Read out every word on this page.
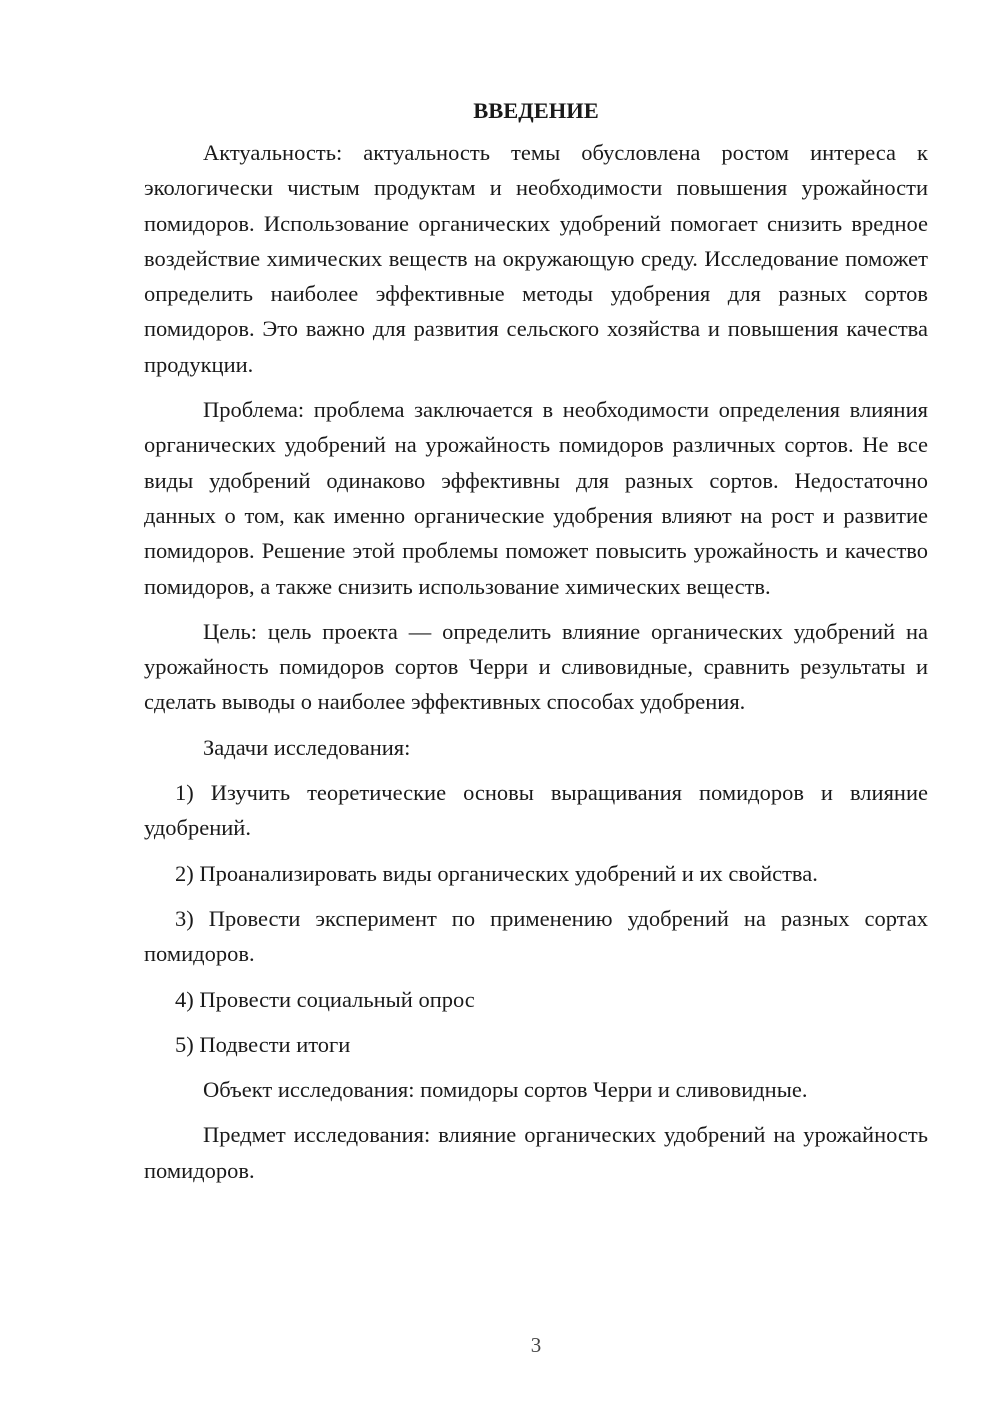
ВВЕДЕНИЕ

Актуальность: актуальность темы обусловлена ростом интереса к экологически чистым продуктам и необходимости повышения урожайности помидоров. Использование органических удобрений помогает снизить вредное воздействие химических веществ на окружающую среду. Исследование поможет определить наиболее эффективные методы удобрения для разных сортов помидоров. Это важно для развития сельского хозяйства и повышения качества продукции.

Проблема: проблема заключается в необходимости определения влияния органических удобрений на урожайность помидоров различных сортов. Не все виды удобрений одинаково эффективны для разных сортов. Недостаточно данных о том, как именно органические удобрения влияют на рост и развитие помидоров. Решение этой проблемы поможет повысить урожайность и качество помидоров, а также снизить использование химических веществ.

Цель: цель проекта — определить влияние органических удобрений на урожайность помидоров сортов Черри и сливовидные, сравнить результаты и сделать выводы о наиболее эффективных способах удобрения.

Задачи исследования:

1) Изучить теоретические основы выращивания помидоров и влияние удобрений.

2) Проанализировать виды органических удобрений и их свойства.

3) Провести эксперимент по применению удобрений на разных сортах помидоров.

4) Провести социальный опрос

5) Подвести итоги

Объект исследования: помидоры сортов Черри и сливовидные.

Предмет исследования: влияние органических удобрений на урожайность помидоров.

3
